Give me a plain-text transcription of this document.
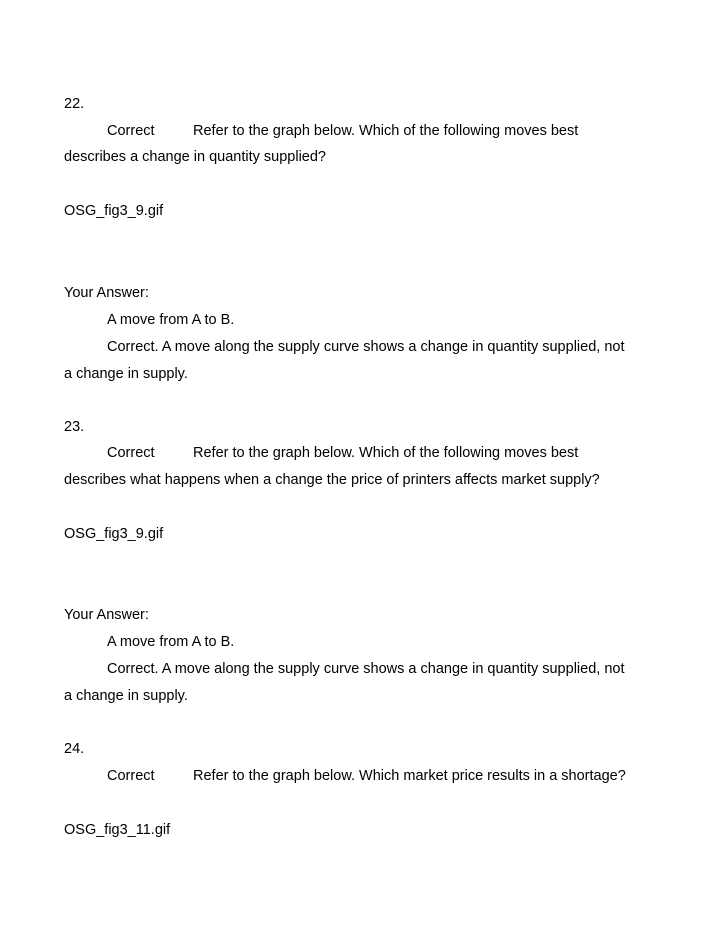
22.
Correct	Refer to the graph below. Which of the following moves best
describes a change in quantity supplied?
OSG_fig3_9.gif
Your Answer:
A move from A to B.
Correct. A move along the supply curve shows a change in quantity supplied, not
a change in supply.
23.
Correct	Refer to the graph below. Which of the following moves best
describes what happens when a change the price of printers affects market supply?
OSG_fig3_9.gif
Your Answer:
A move from A to B.
Correct. A move along the supply curve shows a change in quantity supplied, not
a change in supply.
24.
Correct	Refer to the graph below. Which market price results in a shortage?
OSG_fig3_11.gif
